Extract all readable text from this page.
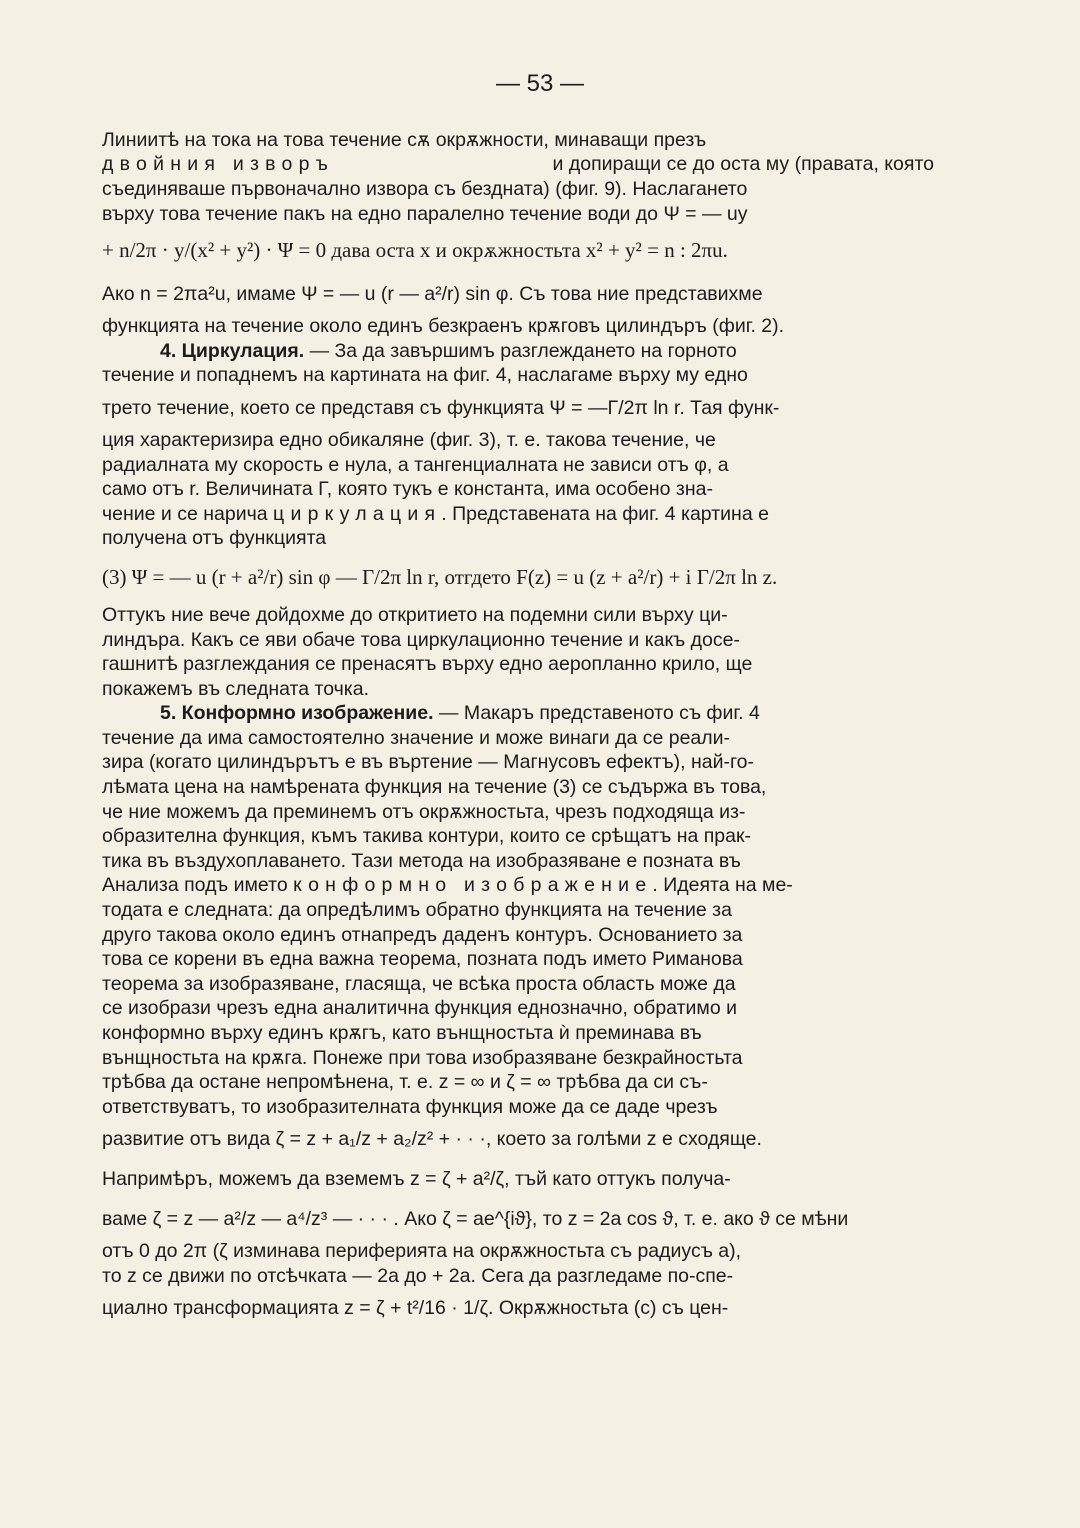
— 53 —
Линиитѣ на тока на това течение сѫ окрѫжности, минаващи презъ
двойния изворъ	и допиращи се до оста му (правата, която
съединяваше първоначално извора съ бездната) (фиг. 9). Наслагането
върху това течение пакъ на едно паралелно течение води до Ψ = — uy
+ n/2π · y/(x² + y²) · Ψ = 0 дава оста x и окрѫжностьта x² + y² = n : 2πu.
Ако n = 2πa²u, имаме Ψ = — u (r — a²/r) sin φ. Съ това ние представихме
функцията на течение около единъ безкраенъ крѫговъ цилиндъръ (фиг. 2).
4. Циркулация. — За да завършимъ разглеждането на горното
течение и попаднемъ на картината на фиг. 4, наслагаме върху му едно
трето течение, което се представя съ функцията Ψ = —Γ/2π ln r. Тая функ-
ция характеризира едно обикаляне (фиг. 3), т. е. такова течение, че
радиалната му скорость е нула, а тангенциалната не зависи отъ φ, а
само отъ r. Величината Γ, която тукъ е константа, има особено зна-
чение и се нарича циркулация. Представената на фиг. 4 картина е
получена отъ функцията
(3) Ψ = — u (r + a²/r) sin φ — Γ/2π ln r, отгдето F(z) = u (z + a²/r) + i Γ/2π ln z.
Оттукъ ние вече дойдохме до откритието на подемни сили върху ци-
линдъра. Какъ се яви обаче това циркулационно течение и какъ досе-
гашнитѣ разглеждания се пренасятъ върху едно аеропланно крило, ще
покажемъ въ следната точка.
5. Конформно изображение. — Макаръ представеното съ фиг. 4
течение да има самостоятелно значение и може винаги да се реали-
зира (когато цилиндърътъ е въ въртение — Магнусовъ ефектъ), най-го-
лѣмата цена на намѣрената функция на течение (3) се съдържа въ това,
че ние можемъ да преминемъ отъ окрѫжностьта, чрезъ подходяща из-
образителна функция, къмъ такива контури, които се срѣщатъ на прак-
тика въ въздухоплаването. Тази метода на изобразяване е позната въ
Анализа подъ името конформно изображение. Идеята на ме-
тодата е следната: да опредѣлимъ обратно функцията на течение за
друго такова около единъ отнапредъ даденъ контуръ. Основанието за
това се корени въ една важна теорема, позната подъ името Риманова
теорема за изобразяване, гласяща, че всѣка проста область може да
се изобрази чрезъ една аналитична функция еднозначно, обратимо и
конформно върху единъ крѫгъ, като вънщностьта ѝ преминава въ
вънщностьта на крѫга. Понеже при това изобразяване безкрайностьта
трѣбва да остане непромѣнена, т. е. z = ∞ и ζ = ∞ трѣбва да си съ-
ответствуватъ, то изобразителната функция може да се даде чрезъ
развитие отъ вида ζ = z + a₁/z + a₂/z² + · · ·, което за голѣми z е сходяще.
Напримѣръ, можемъ да вземемъ z = ζ + a²/ζ, тъй като оттукъ получа-
ваме ζ = z — a²/z — a⁴/z³ — · · · . Ако ζ = ae^{iϑ}, то z = 2a cos ϑ, т. е. ако ϑ се мѣни
отъ 0 до 2π (ζ изминава периферията на окрѫжностьта съ радиусъ a),
то z се движи по отсѣчката — 2a до + 2a. Сега да разгледаме по-спе-
циално трансформацията z = ζ + t²/16 · 1/ζ. Окрѫжностьта (c) съ цен-
